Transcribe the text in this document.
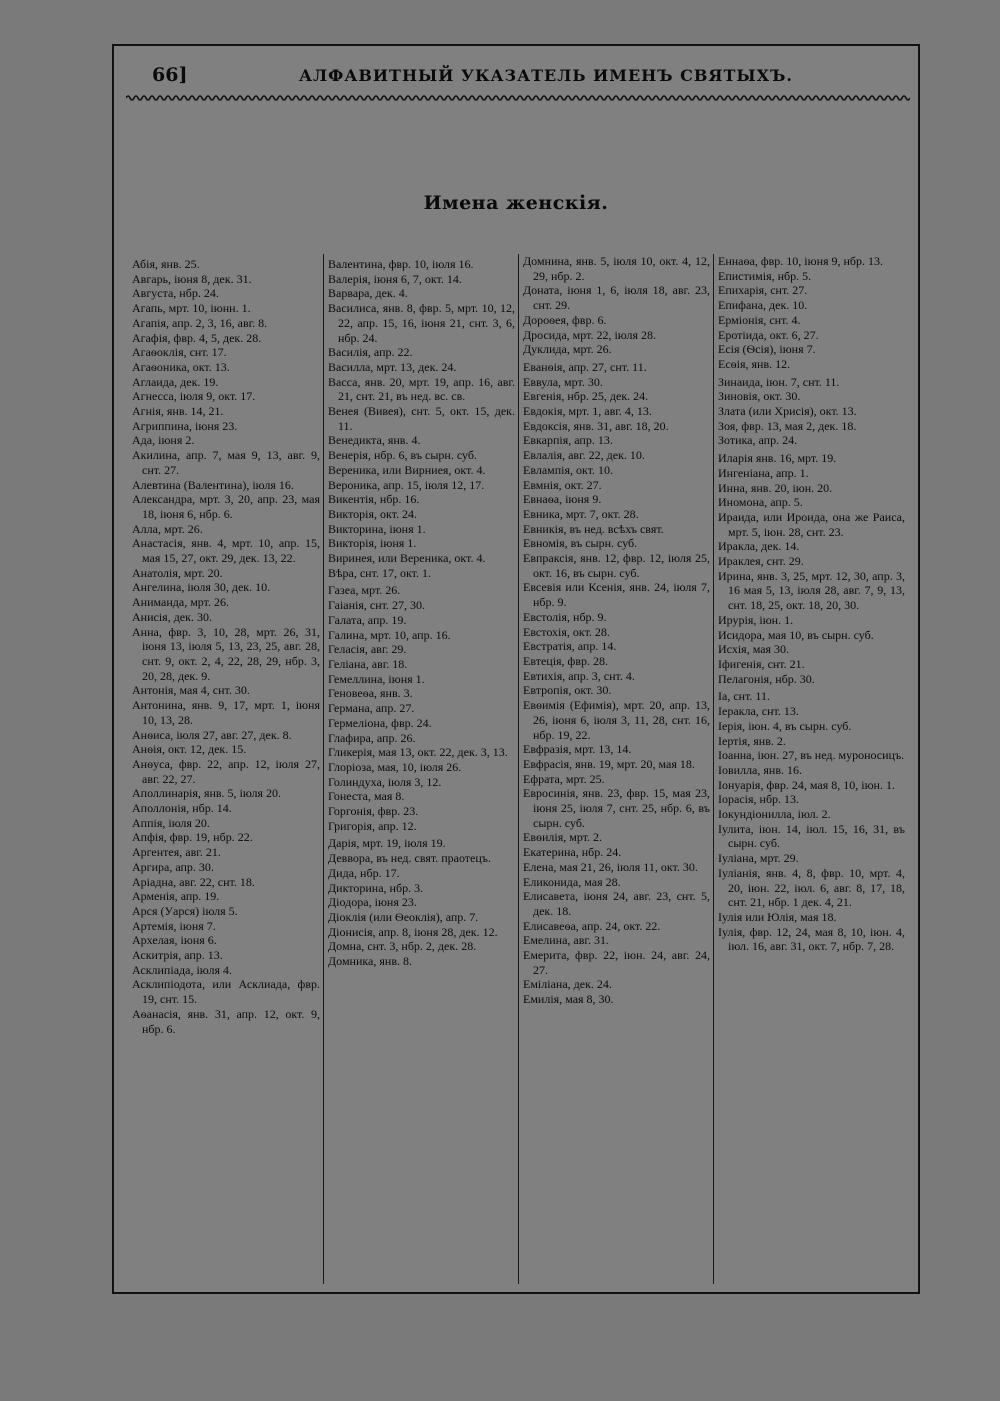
66]	АЛФАВИТНЫЙ УКАЗАТЕЛЬ ИМЕНЪ СВЯТЫХЪ.
Имена женскія.
Абія, янв. 25.
Авгарь, іюня 8, дек. 31.
Августа, нбр. 24.
Агапь, мрт. 10, іюнн. 1.
Агапія, апр. 2, 3, 16, авг. 8.
Агафія, фвр. 4, 5, дек. 28.
Агаѳоклія, снт. 17.
Агаѳоника, окт. 13.
Аглаида, дек. 19.
Агнесса, іюля 9, окт. 17.
Агнія, янв. 14, 21.
Агриппина, іюня 23.
Ада, іюня 2.
Акилина, апр. 7, мая 9, 13, авг. 9, снт. 27.
Алевтина (Валентина), іюля 16.
Александра, мрт. 3, 20, апр. 23, мая 18, іюня 6, нбр. 6.
Алла, мрт. 26.
Анастасія, янв. 4, мрт. 10, апр. 15, мая 15, 27, окт. 29, дек. 13, 22.
Анатолія, мрт. 20.
Ангелина, іюля 30, дек. 10.
Аниманда, мрт. 26.
Анисія, дек. 30.
Анна, фвр. 3, 10, 28, мрт. 26, 31, іюня 13, іюля 5, 13, 23, 25, авг. 28, снт. 9, окт. 2, 4, 22, 28, 29, нбр. 3, 20, 28, дек. 9.
Антонія, мая 4, снт. 30.
Антонина, янв. 9, 17, мрт. 1, іюня 10, 13, 28.
Анѳиса, іюля 27, авг. 27, дек. 8.
Анѳія, окт. 12, дек. 15.
Анѳуса, фвр. 22, апр. 12, іюля 27, авг. 22, 27.
Аполлинарія, янв. 5, іюля 20.
Аполлонія, нбр. 14.
Аппія, іюля 20.
Апфія, фвр. 19, нбр. 22.
Аргентея, авг. 21.
Аргира, апр. 30.
Аріадна, авг. 22, снт. 18.
Арменія, апр. 19.
Арся (Уарся) іюля 5.
Артемія, іюня 7.
Архелая, іюня 6.
Аскитрія, апр. 13.
Асклипіада, іюля 4.
Асклипіодота, или Асклиада, фвр. 19, снт. 15.
Аѳанасія, янв. 31, апр. 12, окт. 9, нбр. 6.
Валентина, фвр. 10, іюля 16.
Валерія, іюня 6, 7, окт. 14.
Варвара, дек. 4.
Василиса, янв. 8, фвр. 5, мрт. 10, 12, 22, апр. 15, 16, іюня 21, снт. 3, 6, нбр. 24.
Василія, апр. 22.
Василла, мрт. 13, дек. 24.
Васса, янв. 20, мрт. 19, апр. 16, авг. 21, снт. 21, въ нед. вс. св.
Венея (Вивея), снт. 5, окт. 15, дек. 11.
Венедикта, янв. 4.
Венерія, нбр. 6, въ сырн. суб.
Вереника, или Вирниея, окт. 4.
Вероника, апр. 15, іюля 12, 17.
Викентія, нбр. 16.
Викторія, окт. 24.
Викторина, іюня 1.
Викторія, іюня 1.
Виринея, или Вереника, окт. 4.
Вѣра, снт. 17, окт. 1.
Газеа, мрт. 26.
Гаіанія, снт. 27, 30.
Галата, апр. 19.
Галина, мрт. 10, апр. 16.
Геласія, авг. 29.
Геліана, авг. 18.
Гемеллина, іюня 1.
Геновеѳа, янв. 3.
Германа, апр. 27.
Гермеліона, фвр. 24.
Глафира, апр. 26.
Гликерія, мая 13, окт. 22, дек. 3, 13.
Глоріоза, мая, 10, іюля 26.
Голиндуха, іюля 3, 12.
Гонеста, мая 8.
Горгонія, фвр. 23.
Григорія, апр. 12.
Дарія, мрт. 19, іюля 19.
Деввора, въ нед. свят. праотецъ.
Дида, нбр. 17.
Дикторина, нбр. 3.
Діодора, іюня 23.
Діоклія (или Ѳеоклія), апр. 7.
Діонисія, апр. 8, іюня 28, дек. 12.
Домна, снт. 3, нбр. 2, дек. 28.
Домника, янв. 8.
Домнина, янв. 5, іюля 10, окт. 4, 12, 29, нбр. 2.
Доната, іюня 1, 6, іюля 18, авг. 23, снт. 29.
Дороѳея, фвр. 6.
Дросида, мрт. 22, іюля 28.
Дуклида, мрт. 26.
Еванѳія, апр. 27, снт. 11.
Еввула, мрт. 30.
Евгенія, нбр. 25, дек. 24.
Евдокія, мрт. 1, авг. 4, 13.
Евдоксія, янв. 31, авг. 18, 20.
Евкарпія, апр. 13.
Евлалія, авг. 22, дек. 10.
Евлампія, окт. 10.
Евмнія, окт. 27.
Евнаѳа, іюня 9.
Евника, мрт. 7, окт. 28.
Евникія, въ нед. всѣхъ свят.
Евномія, въ сырн. суб.
Евпраксія, янв. 12, фвр. 12, іюля 25, окт. 16, въ сырн. суб.
Евсевія или Ксенія, янв. 24, іюля 7, нбр. 9.
Евстолія, нбр. 9.
Евстохія, окт. 28.
Евстратія, апр. 14.
Евтеція, фвр. 28.
Евтихія, апр. 3, снт. 4.
Евтропія, окт. 30.
Евѳимія (Ефимія), мрт. 20, апр. 13, 26, іюня 6, іюля 3, 11, 28, снт. 16, нбр. 19, 22.
Евфразія, мрт. 13, 14.
Евфрасія, янв. 19, мрт. 20, мая 18.
Ефрата, мрт. 25.
Евросинія, янв. 23, фвр. 15, мая 23, іюня 25, іюля 7, снт. 25, нбр. 6, въ сырн. суб.
Евѳилія, мрт. 2.
Екатерина, нбр. 24.
Елена, мая 21, 26, іюля 11, окт. 30.
Еликонида, мая 28.
Елисавета, іюня 24, авг. 23, снт. 5, дек. 18.
Елисавеѳа, апр. 24, окт. 22.
Емелина, авг. 31.
Емерита, фвр. 22, іюн. 24, авг. 24, 27.
Еміліана, дек. 24.
Емилія, мая 8, 30.
Еннаѳа, фвр. 10, іюня 9, нбр. 13.
Епистимія, нбр. 5.
Епихарія, снт. 27.
Епифана, дек. 10.
Ерміонія, снт. 4.
Еротіида, окт. 6, 27.
Есія (Ѳсія), іюня 7.
Есѳія, янв. 12.
Зинаида, іюн. 7, снт. 11.
Зиновія, окт. 30.
Злата (или Хрисія), окт. 13.
Зоя, фвр. 13, мая 2, дек. 18.
Зотика, апр. 24.
Иларія янв. 16, мрт. 19.
Ингеніана, апр. 1.
Инна, янв. 20, іюн. 20.
Иномона, апр. 5.
Ираида, или Ироида, она же Раиса, мрт. 5, іюн. 28, снт. 23.
Иракла, дек. 14.
Ираклея, снт. 29.
Ирина, янв. 3, 25, мрт. 12, 30, апр. 3, 16 мая 5, 13, іюля 28, авг. 7, 9, 13, снт. 18, 25, окт. 18, 20, 30.
Ирурія, іюн. 1.
Исидора, мая 10, въ сырн. суб.
Исхія, мая 30.
Іфигенія, снт. 21.
Пелагонія, нбр. 30.
Іа, снт. 11.
Іеракла, снт. 13.
Іерія, іюн. 4, въ сырн. суб.
Іертія, янв. 2.
Іоанна, іюн. 27, въ нед. муроносицъ.
Іовилла, янв. 16.
Іонуарія, фвр. 24, мая 8, 10, іюн. 1.
Іорасія, нбр. 13.
Іокундіонилла, іюл. 2.
Іулита, іюн. 14, іюл. 15, 16, 31, въ сырн. суб.
Іуліана, мрт. 29.
Іуліанія, янв. 4, 8, фвр. 10, мрт. 4, 20, іюн. 22, іюл. 6, авг. 8, 17, 18, снт. 21, нбр. 1 дек. 4, 21.
Іулія или Юлія, мая 18.
Іулія, фвр. 12, 24, мая 8, 10, іюн. 4, іюл. 16, авг. 31, окт. 7, нбр. 7, 28.
